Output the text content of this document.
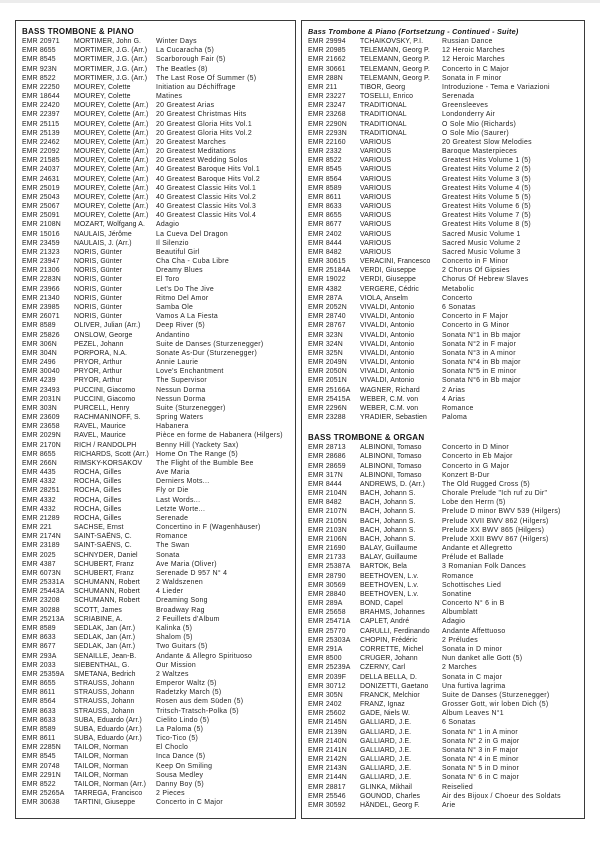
BASS TROMBONE & PIANO
EMR 20971	MORTIMER, John G.	Winter Days
EMR 8655	MORTIMER, J.G. (Arr.)	La Cucaracha (5)
EMR 8545	MORTIMER, J.G. (Arr.)	Scarborough Fair (5)
EMR 923N	MORTIMER, J.G. (Arr.)	The Beatles (8)
EMR 8522	MORTIMER, J.G. (Arr.)	The Last Rose Of Summer (5)
EMR 22250	MOUREY, Colette	Initiation au Déchiffrage
EMR 18644	MOUREY, Colette	Matines
EMR 22420	MOUREY, Colette (Arr.)	20 Greatest Arias
EMR 22397	MOUREY, Colette (Arr.)	20 Greatest Christmas Hits
EMR 25115	MOUREY, Colette (Arr.)	20 Greatest Gloria Hits Vol.1
EMR 25139	MOUREY, Colette (Arr.)	20 Greatest Gloria Hits Vol.2
EMR 22462	MOUREY, Colette (Arr.)	20 Greatest Marches
EMR 22092	MOUREY, Colette (Arr.)	20 Greatest Meditations
EMR 21585	MOUREY, Colette (Arr.)	20 Greatest Wedding Solos
EMR 24037	MOUREY, Colette (Arr.)	40 Greatest Baroque Hits Vol.1
EMR 24631	MOUREY, Colette (Arr.)	40 Greatest Baroque Hits Vol.2
EMR 25019	MOUREY, Colette (Arr.)	40 Greatest Classic Hits Vol.1
EMR 25043	MOUREY, Colette (Arr.)	40 Greatest Classic Hits Vol.2
EMR 25067	MOUREY, Colette (Arr.)	40 Greatest Classic Hits Vol.3
EMR 25091	MOUREY, Colette (Arr.)	40 Greatest Classic Hits Vol.4
EMR 2108N	MOZART, Wolfgang A.	Adagio
EMR 15016	NAULAIS, Jérôme	La Cueva Del Dragon
EMR 23459	NAULAIS, J. (Arr.)	Il Silenzio
EMR 21323	NORIS, Günter	Beautiful Girl
EMR 23947	NORIS, Günter	Cha Cha - Cuba Libre
EMR 21306	NORIS, Günter	Dreamy Blues
EMR 2283N	NORIS, Günter	El Toro
EMR 23966	NORIS, Günter	Let's Do The Jive
EMR 21340	NORIS, Günter	Ritmo Del Amor
EMR 23985	NORIS, Günter	Samba Ole
EMR 26071	NORIS, Günter	Vamos A La Fiesta
EMR 8589	OLIVER, Julian (Arr.)	Deep River (5)
EMR 25826	ONSLOW, George	Andantino
EMR 306N	PEZEL, Johann	Suite de Danses (Sturzenegger)
EMR 304N	PORPORA, N.A.	Sonate As-Dur (Sturzenegger)
EMR 2496	PRYOR, Arthur	Annie Laurie
EMR 30040	PRYOR, Arthur	Love's Enchantment
EMR 4239	PRYOR, Arthur	The Supervisor
EMR 23493	PUCCINI, Giacomo	Nessun Dorma
EMR 2031N	PUCCINI, Giacomo	Nessun Dorma
EMR 303N	PURCELL, Henry	Suite (Sturzenegger)
EMR 23609	RACHMANINOFF, S.	Spring Waters
EMR 23658	RAVEL, Maurice	Habanera
EMR 2029N	RAVEL, Maurice	Pièce en forme de Habanera (Hilgers)
EMR 2170N	RICH / RANDOLPH	Benny Hill (Yackety Sax)
EMR 8655	RICHARDS, Scott (Arr.)	Home On The Range (5)
EMR 266N	RIMSKY-KORSAKOV	The Flight of the Bumble Bee
EMR 4435	ROCHA, Gilles	Ave Maria
EMR 4332	ROCHA, Gilles	Derniers Mots...
EMR 28251	ROCHA, Gilles	Fly or Die
EMR 4332	ROCHA, Gilles	Last Words...
EMR 4332	ROCHA, Gilles	Letzte Worte...
EMR 21289	ROCHA, Gilles	Serenade
EMR 221	SACHSE, Ernst	Concertino in F (Wagenhäuser)
EMR 2174N	SAINT-SAËNS, C.	Romance
EMR 23189	SAINT-SAËNS, C.	The Swan
EMR 2025	SCHNYDER, Daniel	Sonata
EMR 4387	SCHUBERT, Franz	Ave Maria (Oliver)
EMR 6073N	SCHUBERT, Franz	Serenade D 957 N° 4
EMR 25331A	SCHUMANN, Robert	2 Waldszenen
EMR 25443A	SCHUMANN, Robert	4 Lieder
EMR 23208	SCHUMANN, Robert	Dreaming Song
EMR 30288	SCOTT, James	Broadway Rag
EMR 25213A	SCRIABINE, A.	2 Feuillets d'Album
EMR 8589	SEDLAK, Jan (Arr.)	Kalinka (5)
EMR 8633	SEDLAK, Jan (Arr.)	Shalom (5)
EMR 8677	SEDLAK, Jan (Arr.)	Two Guitars (5)
EMR 293A	SENAILLE, Jean-B.	Andante & Allegro Spirituoso
EMR 2033	SIEBENTHAL, G.	Our Mission
EMR 25359A	SMETANA, Bedrich	2 Waltzes
EMR 8655	STRAUSS, Johann	Emperor Waltz (5)
EMR 8611	STRAUSS, Johann	Radetzky March (5)
EMR 8564	STRAUSS, Johann	Rosen aus dem Süden (5)
EMR 8633	STRAUSS, Johann	Tritsch-Tratsch-Polka (5)
EMR 8633	SUBA, Eduardo (Arr.)	Cielito Lindo (5)
EMR 8589	SUBA, Eduardo (Arr.)	La Paloma (5)
EMR 8611	SUBA, Eduardo (Arr.)	Tico-Tico (5)
EMR 2285N	TAILOR, Norman	El Choclo
EMR 8545	TAILOR, Norman	Inca Dance (5)
EMR 20748	TAILOR, Norman	Keep On Smiling
EMR 2291N	TAILOR, Norman	Sousa Medley
EMR 8522	TAILOR, Norman (Arr.)	Danny Boy (5)
EMR 25265A	TARREGA, Francisco	2 Pieces
EMR 30638	TARTINI, Giuseppe	Concerto in C Major
Bass Trombone & Piano (Fortsetzung - Continued - Suite)
EMR 29994	TCHAIKOVSKY, P.I.	Russian Dance
EMR 20985	TELEMANN, Georg P.	12 Heroic Marches
EMR 21662	TELEMANN, Georg P.	12 Heroic Marches
EMR 30661	TELEMANN, Georg P.	Concerto in C Major
EMR 288N	TELEMANN, Georg P.	Sonata in F minor
EMR 211	TIBOR, Georg	Introduzione - Tema e Variazioni
EMR 23227	TOSELLI, Enrico	Serenada
EMR 23247	TRADITIONAL	Greensleeves
EMR 23268	TRADITIONAL	Londonderry Air
EMR 2290N	TRADITIONAL	O Sole Mio (Richards)
EMR 2293N	TRADITIONAL	O Sole Mio (Saurer)
EMR 22160	VARIOUS	20 Greatest Slow Melodies
EMR 2332	VARIOUS	Baroque Masterpieces
EMR 8522	VARIOUS	Greatest Hits Volume 1 (5)
EMR 8545	VARIOUS	Greatest Hits Volume 2 (5)
EMR 8564	VARIOUS	Greatest Hits Volume 3 (5)
EMR 8589	VARIOUS	Greatest Hits Volume 4 (5)
EMR 8611	VARIOUS	Greatest Hits Volume 5 (5)
EMR 8633	VARIOUS	Greatest Hits Volume 6 (5)
EMR 8655	VARIOUS	Greatest Hits Volume 7 (5)
EMR 8677	VARIOUS	Greatest Hits Volume 8 (5)
EMR 2402	VARIOUS	Sacred Music Volume 1
EMR 8444	VARIOUS	Sacred Music Volume 2
EMR 8482	VARIOUS	Sacred Music Volume 3
EMR 30615	VERACINI, Francesco	Concerto in F Minor
EMR 25184A	VERDI, Giuseppe	2 Chorus Of Gipsies
EMR 19022	VERDI, Giuseppe	Chorus Of Hebrew Slaves
EMR 4382	VERGERE, Cédric	Metabolic
EMR 287A	VIOLA, Anselm	Concerto
EMR 2052N	VIVALDI, Antonio	6 Sonatas
EMR 28740	VIVALDI, Antonio	Concerto in F Major
EMR 28767	VIVALDI, Antonio	Concerto in G Minor
EMR 323N	VIVALDI, Antonio	Sonata N°1 in Bb major
EMR 324N	VIVALDI, Antonio	Sonata N°2 in F major
EMR 325N	VIVALDI, Antonio	Sonata N°3 in A minor
EMR 2049N	VIVALDI, Antonio	Sonata N°4 in Bb major
EMR 2050N	VIVALDI, Antonio	Sonata N°5 in E minor
EMR 2051N	VIVALDI, Antonio	Sonata N°6 in Bb major
EMR 25166A	WAGNER, Richard	2 Arias
EMR 25415A	WEBER, C.M. von	4 Arias
EMR 2296N	WEBER, C.M. von	Romance
EMR 23288	YRADIER, Sebastien	Paloma
BASS TROMBONE & ORGAN
EMR 28713	ALBINONI, Tomaso	Concerto in D Minor
EMR 28686	ALBINONI, Tomaso	Concerto in Eb Major
EMR 28659	ALBINONI, Tomaso	Concerto in G Major
EMR 317N	ALBINONI, Tomaso	Konzert B-Dur
EMR 8444	ANDREWS, D. (Arr.)	The Old Rugged Cross (5)
EMR 2104N	BACH, Johann S.	Chorale Prelude "Ich ruf zu Dir"
EMR 8482	BACH, Johann S.	Lobe den Herrn (5)
EMR 2107N	BACH, Johann S.	Prelude D minor BWV 539 (Hilgers)
EMR 2105N	BACH, Johann S.	Prelude XVII BWV 862 (Hilgers)
EMR 2103N	BACH, Johann S.	Prelude XX BWV 865 (Hilgers)
EMR 2106N	BACH, Johann S.	Prelude XXII BWV 867 (Hilgers)
EMR 21690	BALAY, Guillaume	Andante et Allegretto
EMR 21733	BALAY, Guillaume	Prélude et Ballade
EMR 25387A	BARTOK, Bela	3 Romanian Folk Dances
EMR 28790	BEETHOVEN, L.v.	Romance
EMR 30569	BEETHOVEN, L.v.	Schottisches Lied
EMR 28840	BEETHOVEN, L.v.	Sonatine
EMR 289A	BOND, Capel	Concerto N° 6 in B
EMR 25658	BRAHMS, Johannes	Albumblatt
EMR 25471A	CAPLET, André	Adagio
EMR 25770	CARULLI, Ferdinando	Andante Affettuoso
EMR 25303A	CHOPIN, Frédéric	2 Préludes
EMR 291A	CORRETTE, Michel	Sonata in D minor
EMR 8500	CRÜGER, Johann	Nun danket alle Gott (5)
EMR 25239A	CZERNY, Carl	2 Marches
EMR 2039F	DELLA BELLA, D.	Sonata in C major
EMR 30712	DONIZETTI, Gaetano	Una furtiva lagrima
EMR 305N	FRANCK, Melchior	Suite de Danses (Sturzenegger)
EMR 2402	FRANZ, Ignaz	Grosser Gott, wir loben Dich (5)
EMR 25602	GADE, Niels W.	Album Leaves N°1
EMR 2145N	GALLIARD, J.E.	6 Sonatas
EMR 2139N	GALLIARD, J.E.	Sonata N° 1 in A minor
EMR 2140N	GALLIARD, J.E.	Sonata N° 2 in G major
EMR 2141N	GALLIARD, J.E.	Sonata N° 3 in F major
EMR 2142N	GALLIARD, J.E.	Sonata N° 4 in E minor
EMR 2143N	GALLIARD, J.E.	Sonata N° 5 in D minor
EMR 2144N	GALLIARD, J.E.	Sonata N° 6 in C major
EMR 28817	GLINKA, Mikhail	Reiselied
EMR 25546	GOUNOD, Charles	Air des Bijoux / Choeur des Soldats
EMR 30592	HÄNDEL, Georg F.	Arie
